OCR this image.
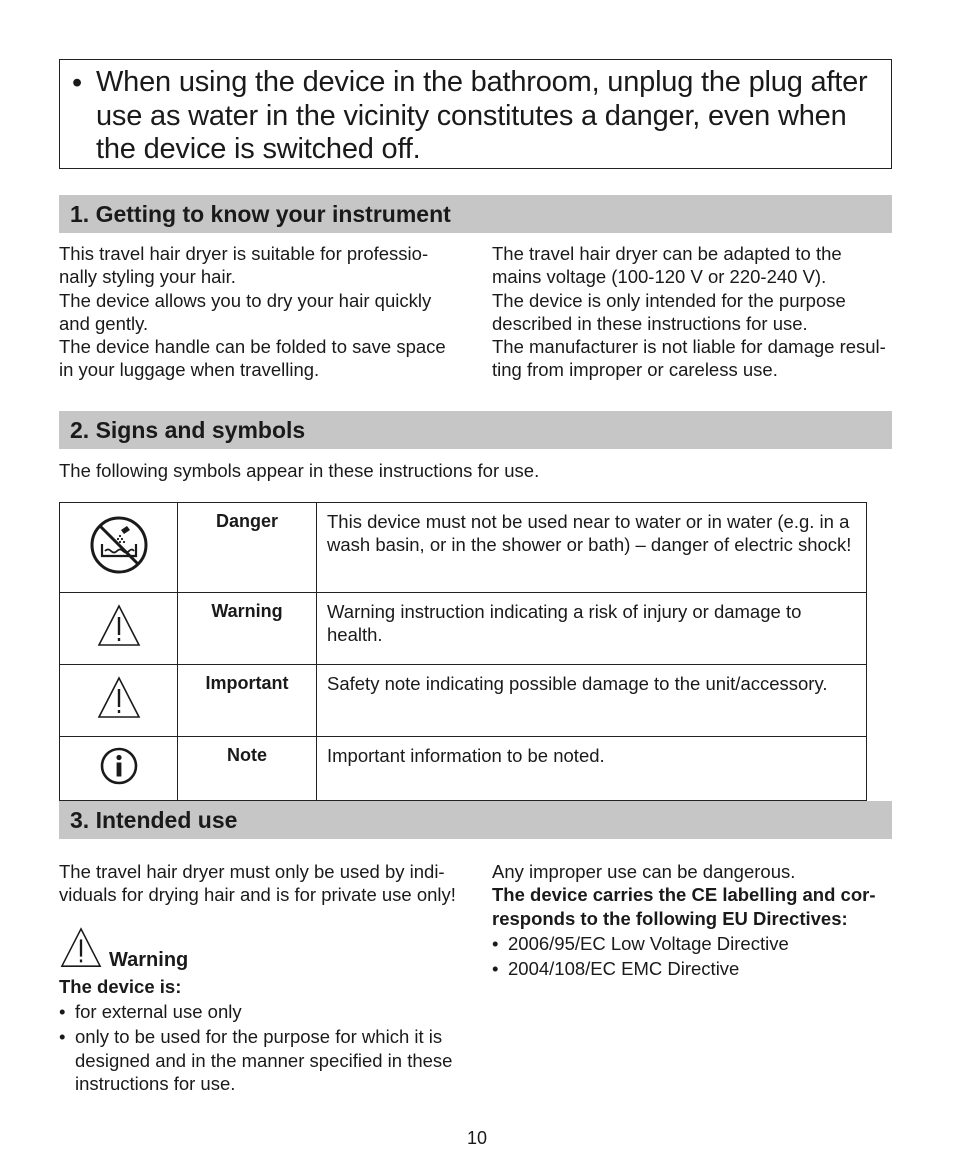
• When using the device in the bathroom, unplug the plug after use as water in the vicinity constitutes a danger, even when the device is switched off.
1. Getting to know your instrument

This travel hair dryer is suitable for professio-

nally styling your hair.

The device allows you to dry your hair quickly

and gently.

The device handle can be folded to save space

in your luggage when travelling.

The travel hair dryer can be adapted to the

mains voltage (100-120 V or 220-240 V).

The device is only intended for the purpose

described in these instructions for use.

The manufacturer is not liable for damage resul-

ting from improper or careless use.

2. Signs and symbols

The following symbols appear in these instructions for use.

	Danger	This device must not be used near to water or in water (e.g. in a wash basin, or in the shower or bath) – danger of electric shock!
	Warning	Warning instruction indicating a risk of injury or damage to health.
	Important	Safety note indicating possible damage to the unit/accessory.
	Note	Important information to be noted.
3. Intended use

The travel hair dryer must only be used by indi-

viduals for drying hair and is for private use only!

Warning

The device is:

• for external use only
• only to be used for the purpose for which it is designed and in the manner specified in these instructions for use.

Any improper use can be dangerous.

The device carries the CE labelling and cor-

responds to the following EU Directives:

• 2006/95/EC Low Voltage Directive
• 2004/108/EC EMC Directive
10
